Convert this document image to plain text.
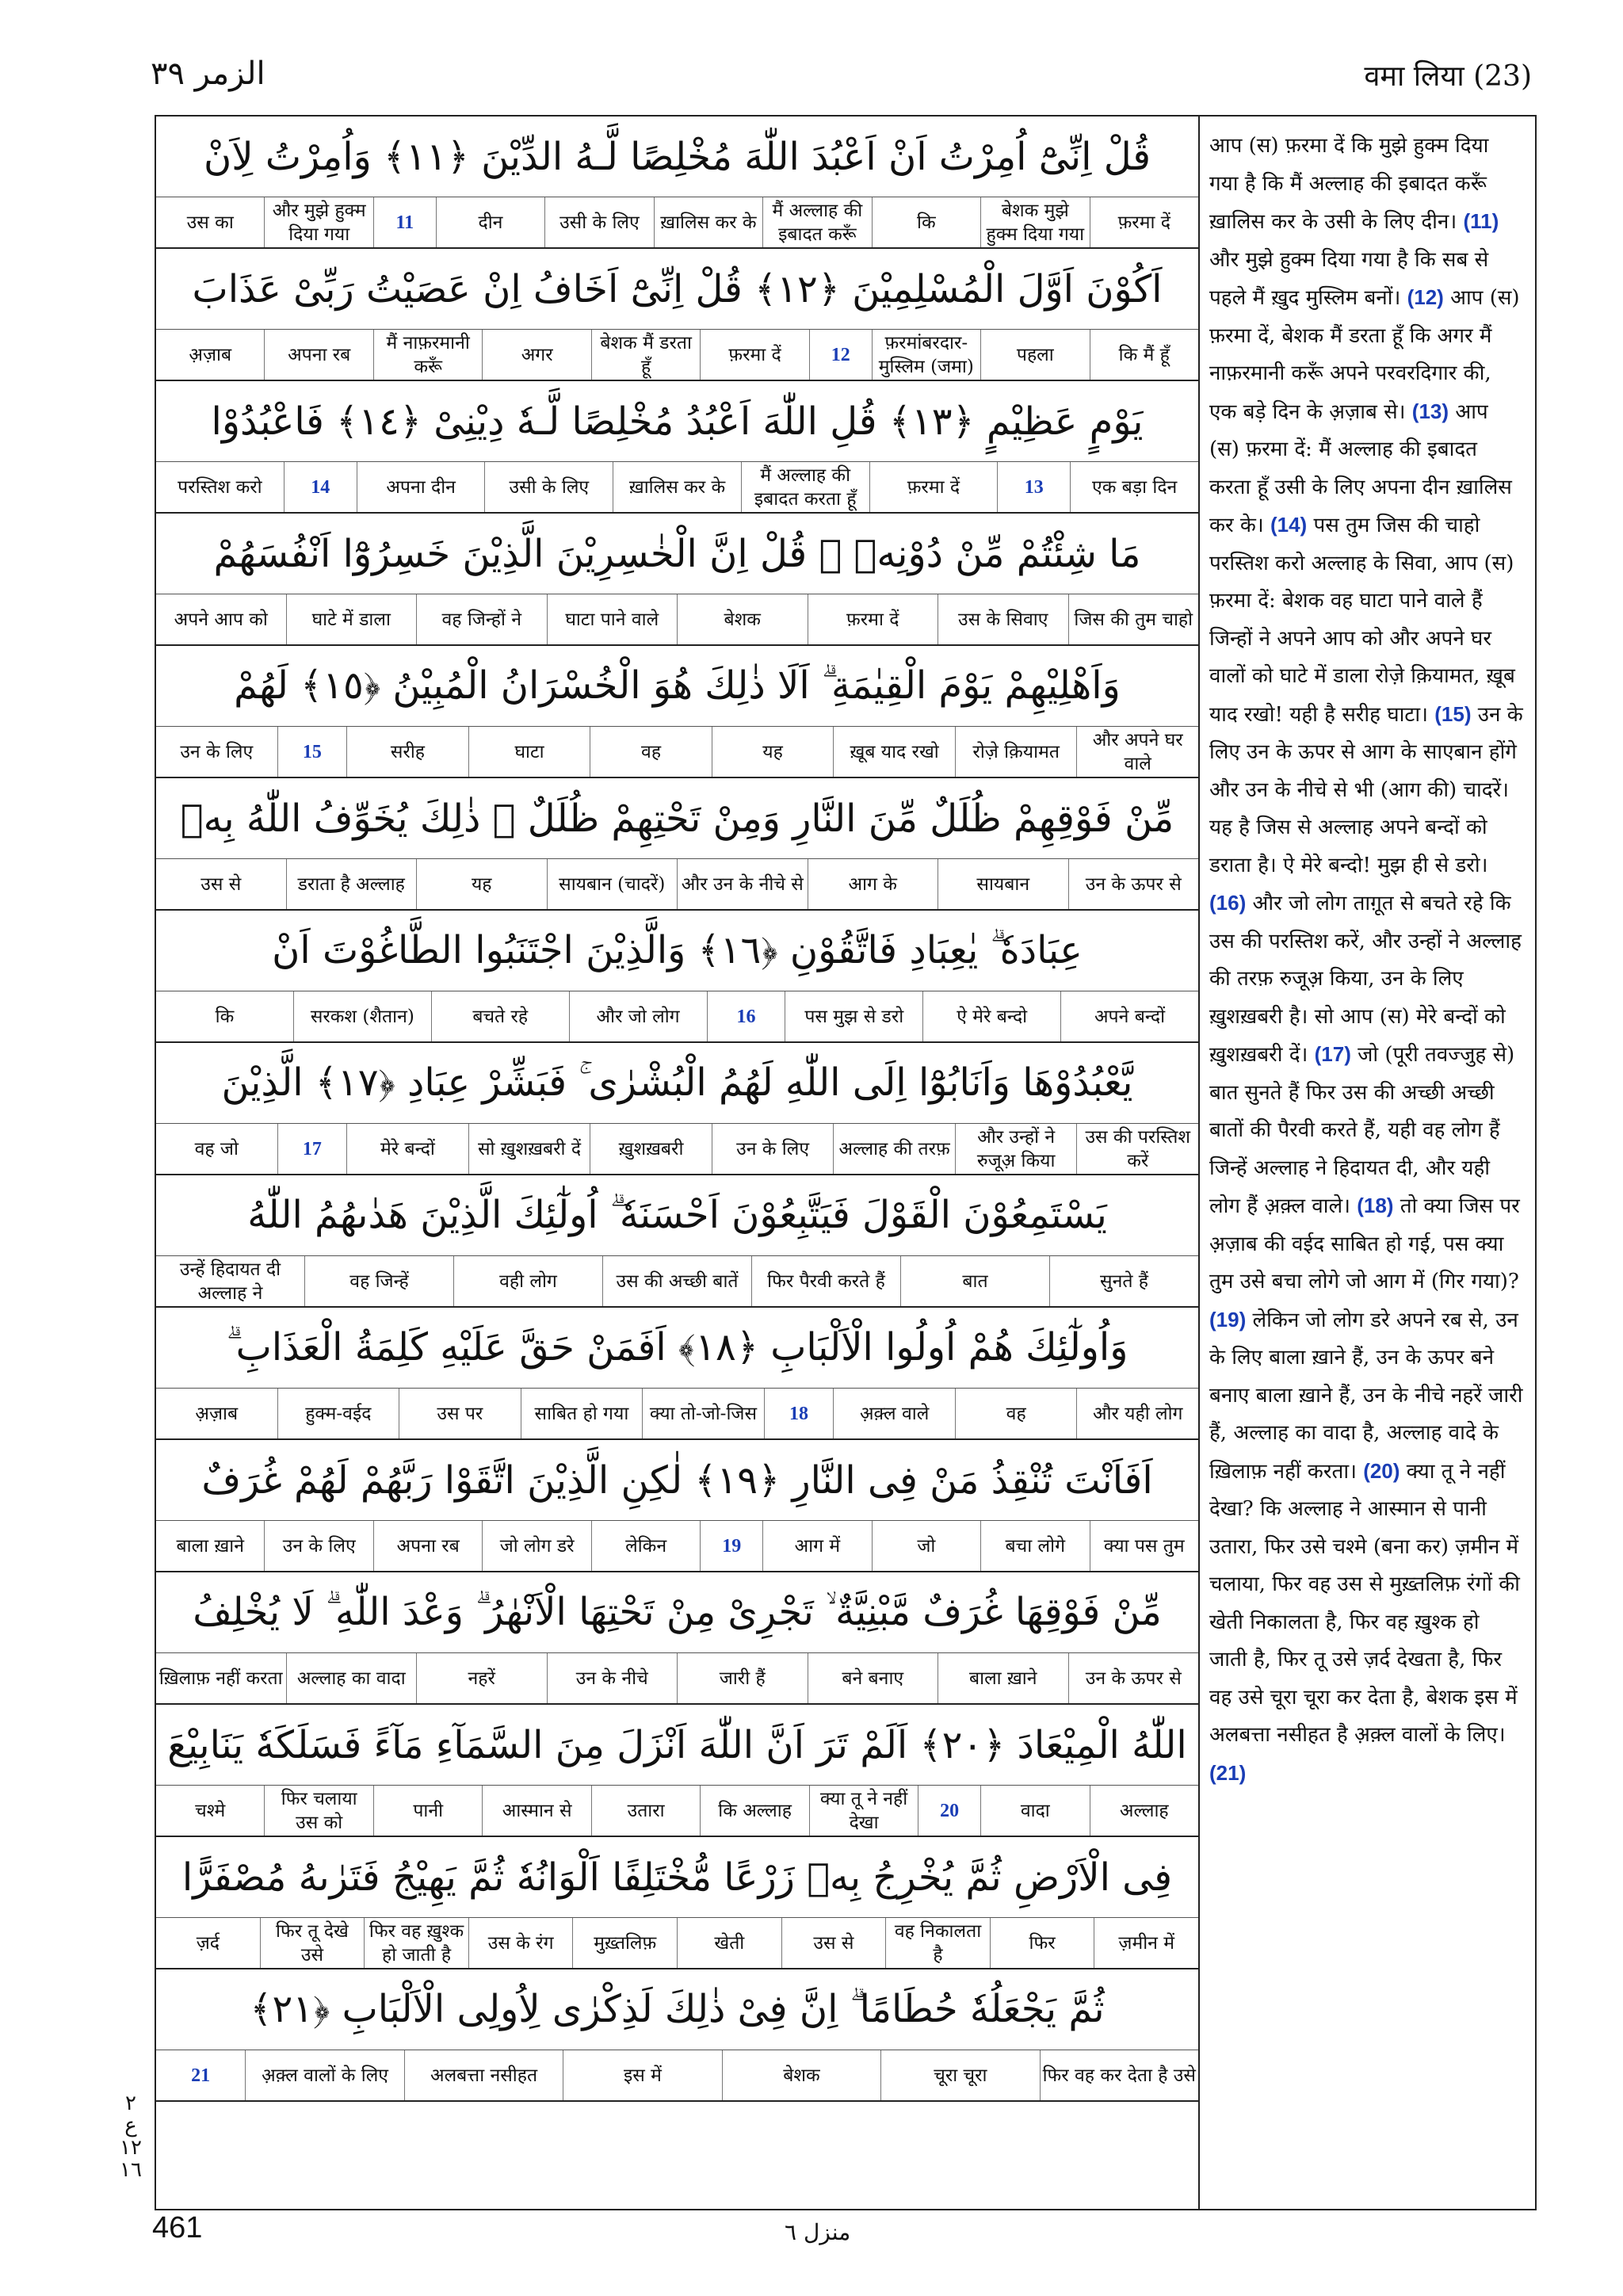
الزمر ٣٩	वमा लिया (23)
قُلْ اِنِّىْٓ اُمِرْتُ اَنْ اَعْبُدَ اللّٰهَ مُخْلِصًا لَّـهُ الدِّيْنَ ﴿١١﴾ وَاُمِرْتُ لِاَنْ
फ़रमा दें
बेशक मुझे हुक्म दिया गया
कि
मैं अल्लाह की इबादत करूँ
ख़ालिस कर के
उसी के लिए
दीन
11
और मुझे हुक्म दिया गया
उस का
اَكُوْنَ اَوَّلَ الْمُسْلِمِيْنَ ﴿١٢﴾ قُلْ اِنِّىْٓ اَخَافُ اِنْ عَصَيْتُ رَبِّىْ عَذَابَ
कि मैं हूँ
पहला
फ़रमांबरदार-मुस्लिम (जमा)
12
फ़रमा दें
बेशक मैं डरता हूँ
अगर
मैं नाफ़रमानी करूँ
अपना रब
अ़ज़ाब
يَوْمٍ عَظِيْمٍ ﴿١٣﴾ قُلِ اللّٰهَ اَعْبُدُ مُخْلِصًا لَّـهٗ دِيْنِىْ ﴿١٤﴾ فَاعْبُدُوْا
एक बड़ा दिन
13
फ़रमा दें
मैं अल्लाह की इबादत करता हूँ
ख़ालिस कर के
उसी के लिए
अपना दीन
14
परस्तिश करो
مَا شِئْتُمْ مِّنْ دُوْنِهٖ ۗ قُلْ اِنَّ الْخٰسِرِيْنَ الَّذِيْنَ خَسِرُوْٓا اَنْفُسَهُمْ
जिस की तुम चाहो
उस के सिवाए
फ़रमा दें
बेशक
घाटा पाने वाले
वह जिन्हों ने
घाटे में डाला
अपने आप को
وَاَهْلِيْهِمْ يَوْمَ الْقِيٰمَةِ ۗ اَلَا ذٰلِكَ هُوَ الْخُسْرَانُ الْمُبِيْنُ ﴿١٥﴾ لَهُمْ
और अपने घर वाले
रोज़े क़ियामत
ख़ूब याद रखो
यह
वह
घाटा
सरीह
15
उन के लिए
مِّنْ فَوْقِهِمْ ظُلَلٌ مِّنَ النَّارِ وَمِنْ تَحْتِهِمْ ظُلَلٌ ۗ ذٰلِكَ يُخَوِّفُ اللّٰهُ بِهٖ
उन के ऊपर से
सायबान
आग के
और उन के नीचे से
सायबान (चादरें)
यह
डराता है अल्लाह
उस से
عِبَادَهٗ ۗ يٰعِبَادِ فَاتَّقُوْنِ ﴿١٦﴾ وَالَّذِيْنَ اجْتَنَبُوا الطَّاغُوْتَ اَنْ
अपने बन्दों
ऐ मेरे बन्दो
पस मुझ से डरो
16
और जो लोग
बचते रहे
सरकश (शैतान)
कि
يَّعْبُدُوْهَا وَاَنَابُوْٓا اِلَى اللّٰهِ لَهُمُ الْبُشْرٰى ۚ فَبَشِّرْ عِبَادِ ﴿١٧﴾ الَّذِيْنَ
उस की परस्तिश करें
और उन्हों ने रुजूअ़ किया
अल्लाह की तरफ़
उन के लिए
ख़ुशख़बरी
सो ख़ुशख़बरी दें
मेरे बन्दों
17
वह जो
يَسْتَمِعُوْنَ الْقَوْلَ فَيَتَّبِعُوْنَ اَحْسَنَهٗ ۗ اُولٰٓئِكَ الَّذِيْنَ هَدٰىهُمُ اللّٰهُ
सुनते हैं
बात
फिर पैरवी करते हैं
उस की अच्छी बातें
वही लोग
वह जिन्हें
उन्हें हिदायत दी अल्लाह ने
وَاُولٰٓئِكَ هُمْ اُولُوا الْاَلْبَابِ ﴿١٨﴾ اَفَمَنْ حَقَّ عَلَيْهِ كَلِمَةُ الْعَذَابِ ۗ
और यही लोग
वह
अ़क़्ल वाले
18
क्या तो-जो-जिस
साबित हो गया
उस पर
हुक्म-वईद
अ़ज़ाब
اَفَاَنْتَ تُنْقِذُ مَنْ فِى النَّارِ ﴿١٩﴾ لٰكِنِ الَّذِيْنَ اتَّقَوْا رَبَّهُمْ لَهُمْ غُرَفٌ
क्या पस तुम
बचा लोगे
जो
आग में
19
लेकिन
जो लोग डरे
अपना रब
उन के लिए
बाला ख़ाने
مِّنْ فَوْقِهَا غُرَفٌ مَّبْنِيَّةٌ ۙ تَجْرِىْ مِنْ تَحْتِهَا الْاَنْهٰرُ ۗ وَعْدَ اللّٰهِ ۗ لَا يُخْلِفُ
उन के ऊपर से
बाला ख़ाने
बने बनाए
जारी हैं
उन के नीचे
नहरें
अल्लाह का वादा
ख़िलाफ़ नहीं करता
اللّٰهُ الْمِيْعَادَ ﴿٢٠﴾ اَلَمْ تَرَ اَنَّ اللّٰهَ اَنْزَلَ مِنَ السَّمَآءِ مَآءً فَسَلَكَهٗ يَنَابِيْعَ
अल्लाह
वादा
20
क्या तू ने नहीं देखा
कि अल्लाह
उतारा
आस्मान से
पानी
फिर चलाया उस को
चश्मे
فِى الْاَرْضِ ثُمَّ يُخْرِجُ بِهٖ زَرْعًا مُّخْتَلِفًا اَلْوَانُهٗ ثُمَّ يَهِيْجُ فَتَرٰىهُ مُصْفَرًّا
ज़मीन में
फिर
वह निकालता है
उस से
खेती
मुख़्तलिफ़
उस के रंग
फिर वह ख़ुश्क हो जाती है
फिर तू देखे उसे
ज़र्द
ثُمَّ يَجْعَلُهٗ حُطَامًا ۗ اِنَّ فِىْ ذٰلِكَ لَذِكْرٰى لِاُولِى الْاَلْبَابِ ﴿٢١﴾
फिर वह कर देता है उसे
चूरा चूरा
बेशक
इस में
अलबत्ता नसीहत
अ़क़्ल वालों के लिए
21
आप (स) फ़रमा दें कि मुझे हुक्म दिया गया है कि मैं अल्लाह की इबादत करूँ ख़ालिस कर के उसी के लिए दीन। (11) और मुझे हुक्म दिया गया है कि सब से पहले मैं ख़ुद मुस्लिम बनों। (12) आप (स) फ़रमा दें, बेशक मैं डरता हूँ कि अगर मैं नाफ़रमानी करूँ अपने परवरदिगार की, एक बड़े दिन के अ़ज़ाब से। (13) आप (स) फ़रमा दें: मैं अल्लाह की इबादत करता हूँ उसी के लिए अपना दीन ख़ालिस कर के। (14) पस तुम जिस की चाहो परस्तिश करो अल्लाह के सिवा, आप (स) फ़रमा दें: बेशक वह घाटा पाने वाले हैं जिन्हों ने अपने आप को और अपने घर वालों को घाटे में डाला रोज़े क़ियामत, ख़ूब याद रखो! यही है सरीह घाटा। (15) उन के लिए उन के ऊपर से आग के साएबान होंगे और उन के नीचे से भी (आग की) चादरें। यह है जिस से अल्लाह अपने बन्दों को डराता है। ऐ मेरे बन्दो! मुझ ही से डरो। (16) और जो लोग ताग़ूत से बचते रहे कि उस की परस्तिश करें, और उन्हों ने अल्लाह की तरफ़ रुजूअ़ किया, उन के लिए ख़ुशख़बरी है। सो आप (स) मेरे बन्दों को ख़ुशख़बरी दें। (17) जो (पूरी तवज्जुह से) बात सुनते हैं फिर उस की अच्छी अच्छी बातों की पैरवी करते हैं, यही वह लोग हैं जिन्हें अल्लाह ने हिदायत दी, और यही लोग हैं अ़क़्ल वाले। (18) तो क्या जिस पर अ़ज़ाब की वईद साबित हो गई, पस क्या तुम उसे बचा लोगे जो आग में (गिर गया)? (19) लेकिन जो लोग डरे अपने रब से, उन के लिए बाला ख़ाने हैं, उन के ऊपर बने बनाए बाला ख़ाने हैं, उन के नीचे नहरें जारी हैं, अल्लाह का वादा है, अल्लाह वादे के ख़िलाफ़ नहीं करता। (20) क्या तू ने नहीं देखा? कि अल्लाह ने आस्मान से पानी उतारा, फिर उसे चश्मे (बना कर) ज़मीन में चलाया, फिर वह उस से मुख़्तलिफ़ रंगों की खेती निकालता है, फिर वह ख़ुश्क हो जाती है, फिर तू उसे ज़र्द देखता है, फिर वह उसे चूरा चूरा कर देता है, बेशक इस में अलबत्ता नसीहत है अ़क़्ल वालों के लिए। (21)
٢
ع
١٢
١٦
461	منزل ٦
